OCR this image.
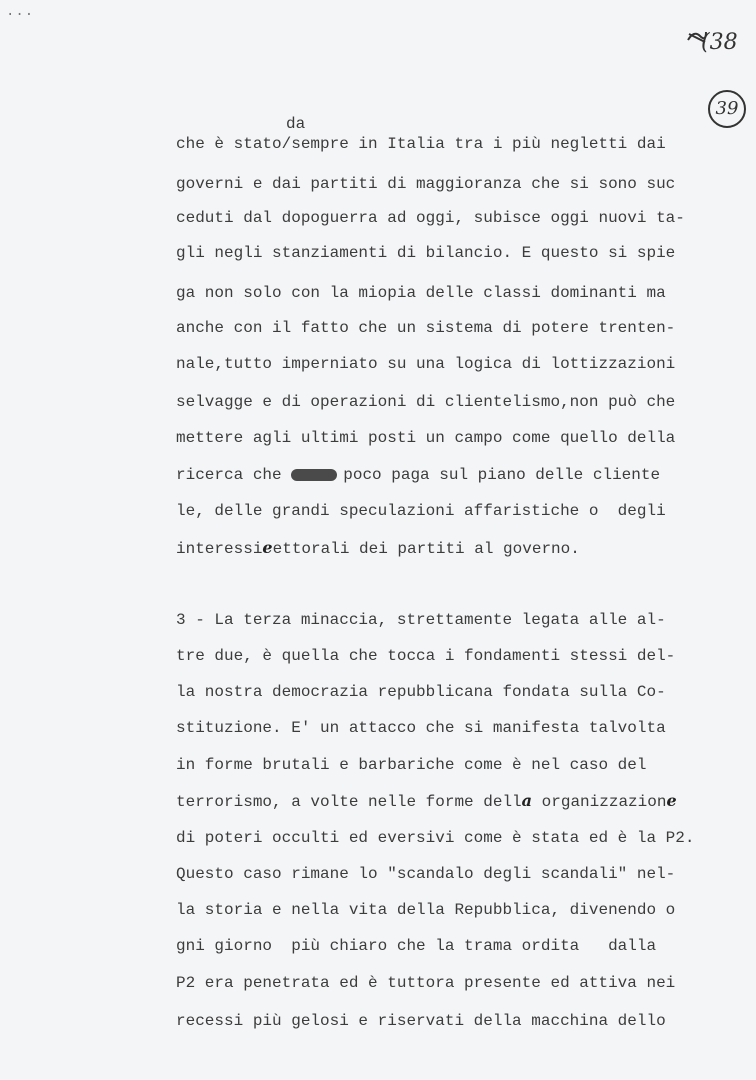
...
(38
39
da
che è stato/sempre in Italia tra i più negletti dai
governi e dai partiti di maggioranza che si sono suc
ceduti dal dopoguerra ad oggi, subisce oggi nuovi ta-
gli negli stanziamenti di bilancio. E questo si spie
ga non solo con la miopia delle classi dominanti ma
anche con il fatto che un sistema di potere trenten-
nale,tutto imperniato su una logica di lottizzazioni
selvagge e di operazioni di clientelismo,non può che
mettere agli ultimi posti un campo come quello della
ricerca che	poco paga sul piano delle cliente
le, delle grandi speculazioni affaristiche o  degli
interessieettorali dei partiti al governo.
3 - La terza minaccia, strettamente legata alle al-
tre due, è quella che tocca i fondamenti stessi del-
la nostra democrazia repubblicana fondata sulla Co-
stituzione. E' un attacco che si manifesta talvolta
in forme brutali e barbariche come è nel caso del
terrorismo, a volte nelle forme della organizzazione
di poteri occulti ed eversivi come è stata ed è la P2.
Questo caso rimane lo "scandalo degli scandali" nel-
la storia e nella vita della Repubblica, divenendo o
gni giorno  più chiaro che la trama ordita   dalla
P2 era penetrata ed è tuttora presente ed attiva nei
recessi più gelosi e riservati della macchina dello
